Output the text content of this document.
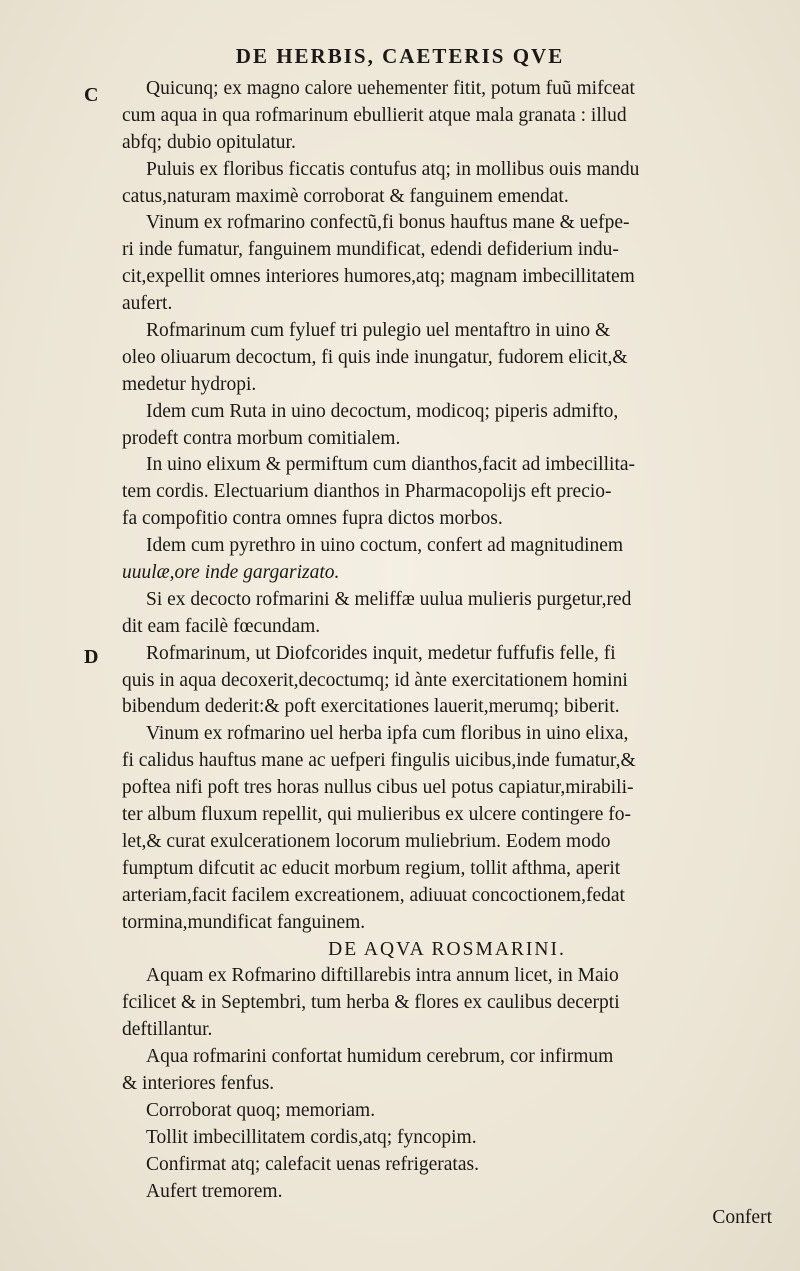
DE HERBIS, CAETERIS QVE
C
D
Quicunq; ex magno calore uehementer fitit, potum fuũ mifceat
cum aqua in qua rofmarinum ebullierit atque mala granata : illud
abfq; dubio opitulatur.
Puluis ex floribus ficcatis contufus atq; in mollibus ouis mandu
catus,naturam maximè corroborat & fanguinem emendat.
Vinum ex rofmarino confectũ,fi bonus hauftus mane & uefpe-
ri inde fumatur, fanguinem mundificat, edendi defiderium indu-
cit,expellit omnes interiores humores,atq; magnam imbecillitatem
aufert.
Rofmarinum cum fyluef tri pulegio uel mentaftro in uino &
oleo oliuarum decoctum, fi quis inde inungatur, fudorem elicit,&
medetur hydropi.
Idem cum Ruta in uino decoctum, modicoq; piperis admifto,
prodeft contra morbum comitialem.
In uino elixum & permiftum cum dianthos,facit ad imbecillita-
tem cordis. Electuarium dianthos in Pharmacopolijs eft precio-
fa compofitio contra omnes fupra dictos morbos.
Idem cum pyrethro in uino coctum, confert ad magnitudinem
uuulæ,ore inde gargarizato.
Si ex decocto rofmarini & meliffæ uulua mulieris purgetur,red
dit eam facilè fœcundam.
Rofmarinum, ut Diofcorides inquit, medetur fuffufis felle, fi
quis in aqua decoxerit,decoctumq; id ànte exercitationem homini
bibendum dederit:& poft exercitationes lauerit,merumq; biberit.
Vinum ex rofmarino uel herba ipfa cum floribus in uino elixa,
fi calidus hauftus mane ac uefperi fingulis uicibus,inde fumatur,&
poftea nifi poft tres horas nullus cibus uel potus capiatur,mirabili-
ter album fluxum repellit, qui mulieribus ex ulcere contingere fo-
let,& curat exulcerationem locorum muliebrium. Eodem modo
fumptum difcutit ac educit morbum regium, tollit afthma, aperit
arteriam,facit facilem excreationem, adiuuat concoctionem,fedat
tormina,mundificat fanguinem.
DE AQVA ROSMARINI.
Aquam ex Rofmarino diftillarebis intra annum licet, in Maio
fcilicet & in Septembri, tum herba & flores ex caulibus decerpti
deftillantur.
Aqua rofmarini confortat humidum cerebrum, cor infirmum
& interiores fenfus.
Corroborat quoq; memoriam.
Tollit imbecillitatem cordis,atq; fyncopim.
Confirmat atq; calefacit uenas refrigeratas.
Aufert tremorem.
Confert
